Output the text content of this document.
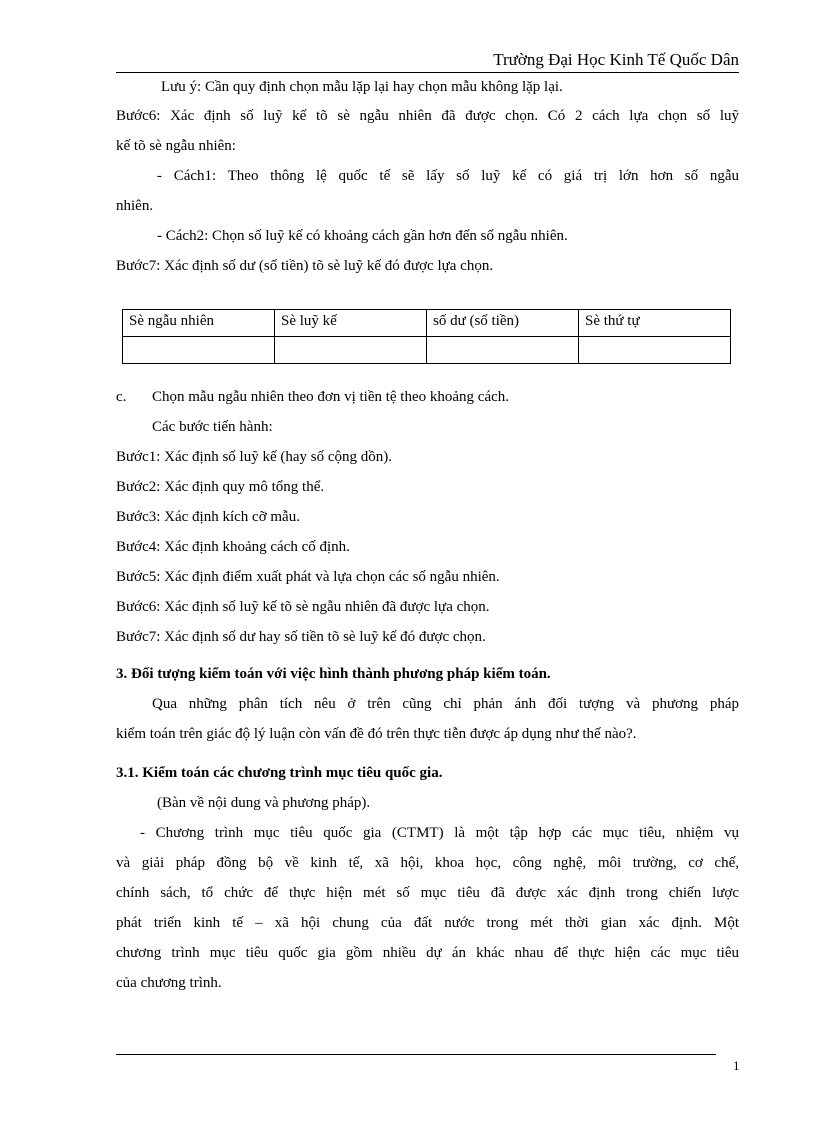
Trường Đại Học Kinh Tế Quốc Dân
Lưu ý: Cần quy định chọn mẫu lặp lại hay chọn mẫu không lặp lại.
Bước6: Xác định số luỹ kế tõ sè ngẫu nhiên đã được chọn. Có 2 cách lựa chọn số luỹ
kế tõ sè ngẫu nhiên:
- Cách1: Theo thông lệ quốc tế sẽ lấy số luỹ kế có giá trị lớn hơn số ngẫu
nhiên.
- Cách2: Chọn số luỹ kế có khoảng cách gần hơn đến số ngẫu nhiên.
Bước7: Xác định số dư (số tiền) tõ sè luỹ kế đó được lựa chọn.
Sè ngẫu nhiên	Sè luỹ kế	số dư (số tiền)	Sè thứ tự

c.	Chọn mẫu ngẫu nhiên theo đơn vị tiền tệ theo khoảng cách.
Các bước tiến hành:
Bước1: Xác định số luỹ kế (hay số cộng dồn).
Bước2: Xác định quy mô tổng thể.
Bước3: Xác định kích cỡ mẫu.
Bước4: Xác định khoảng cách cố định.
Bước5: Xác định điểm xuất phát và lựa chọn các số ngẫu nhiên.
Bước6: Xác định số luỹ kế tõ sè ngẫu nhiên đã được lựa chọn.
Bước7: Xác định số dư hay số tiền tõ sè luỹ kế đó được chọn.
3. Đối tượng kiểm toán với việc hình thành phương pháp kiểm toán.
Qua những phân tích nêu ở trên cũng chỉ phản ánh đối tượng và phương pháp
kiểm toán trên giác độ lý luận còn vấn đề đó trên thực tiễn được áp dụng như thế nào?.
3.1. Kiểm toán các chương trình mục tiêu quốc gia.
(Bàn về nội dung và phương pháp).
- Chương trình mục tiêu quốc gia (CTMT) là một tập hợp các mục tiêu, nhiệm vụ
và giải pháp đồng bộ về kinh tế, xã hội, khoa học, công nghệ, môi trường, cơ chế,
chính sách, tổ chức để thực hiện mét số mục tiêu đã được xác định trong chiến lược
phát triển kinh tế – xã hội chung của đất nước trong mét thời gian xác định. Một
chương trình mục tiêu quốc gia gồm nhiều dự án khác nhau để thực hiện các mục tiêu
của chương trình.
1
